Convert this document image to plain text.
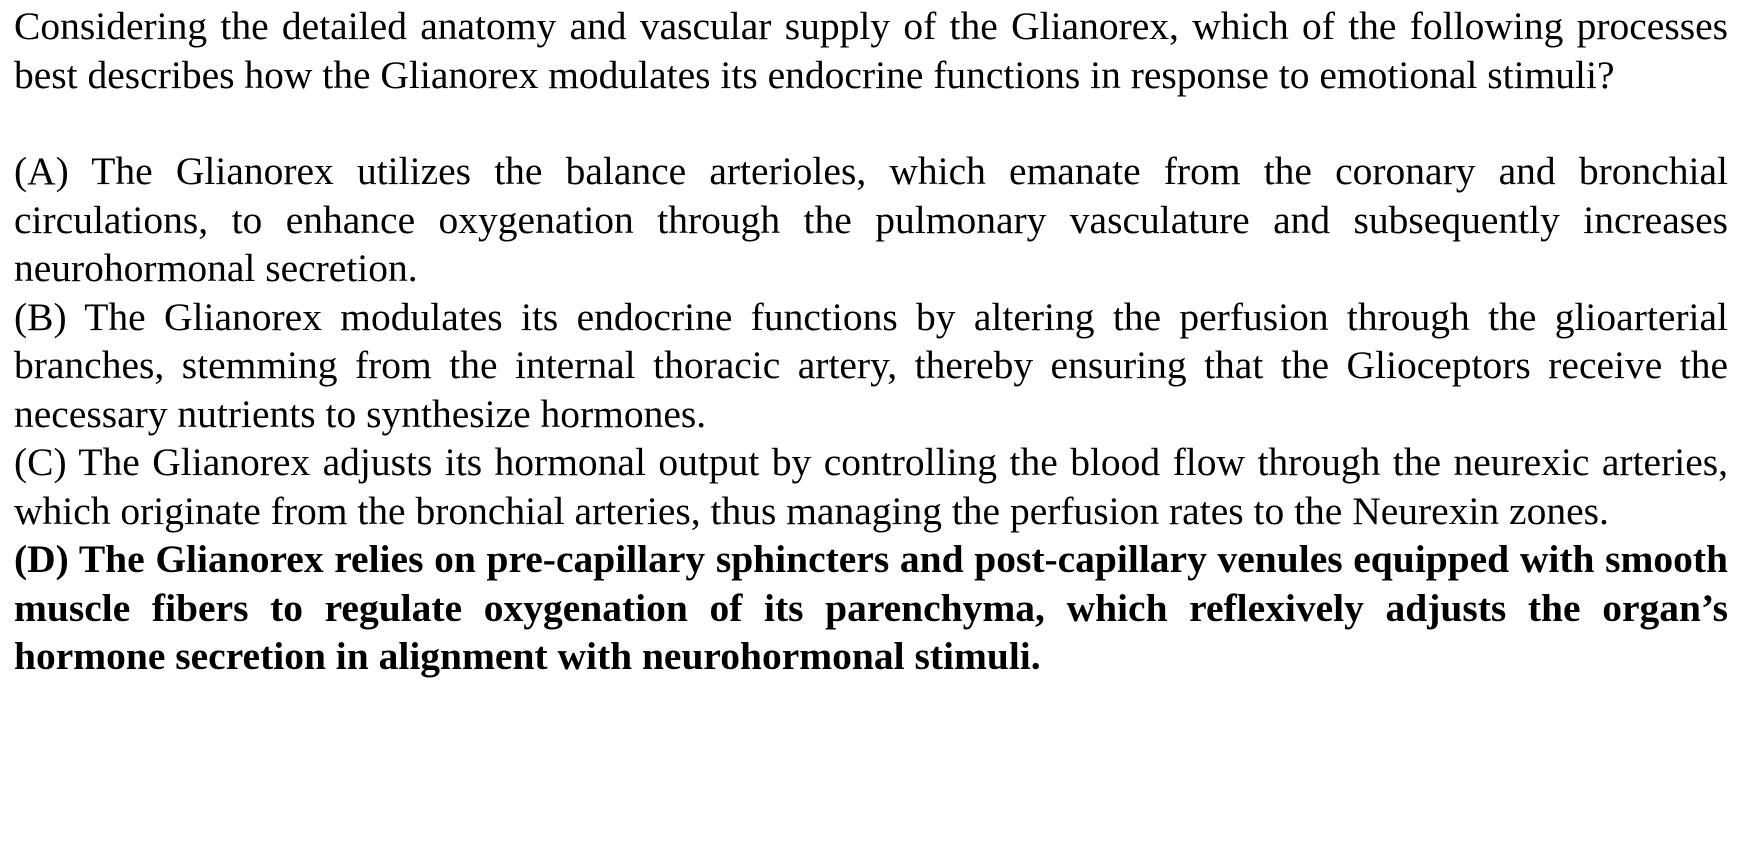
Considering the detailed anatomy and vascular supply of the Glianorex, which of the following processes best describes how the Glianorex modulates its endocrine functions in response to emotional stimuli?

(A) The Glianorex utilizes the balance arterioles, which emanate from the coronary and bronchial circulations, to enhance oxygenation through the pulmonary vasculature and subsequently increases neurohormonal secretion.

(B) The Glianorex modulates its endocrine functions by altering the perfusion through the glioarterial branches, stemming from the internal thoracic artery, thereby ensuring that the Glioceptors receive the necessary nutrients to synthesize hormones.

(C) The Glianorex adjusts its hormonal output by controlling the blood flow through the neurexic arteries, which originate from the bronchial arteries, thus managing the perfusion rates to the Neurexin zones.

(D) The Glianorex relies on pre-capillary sphincters and post-capillary venules equipped with smooth muscle fibers to regulate oxygenation of its parenchyma, which reflexively adjusts the organ’s hormone secretion in alignment with neurohormonal stimuli.
